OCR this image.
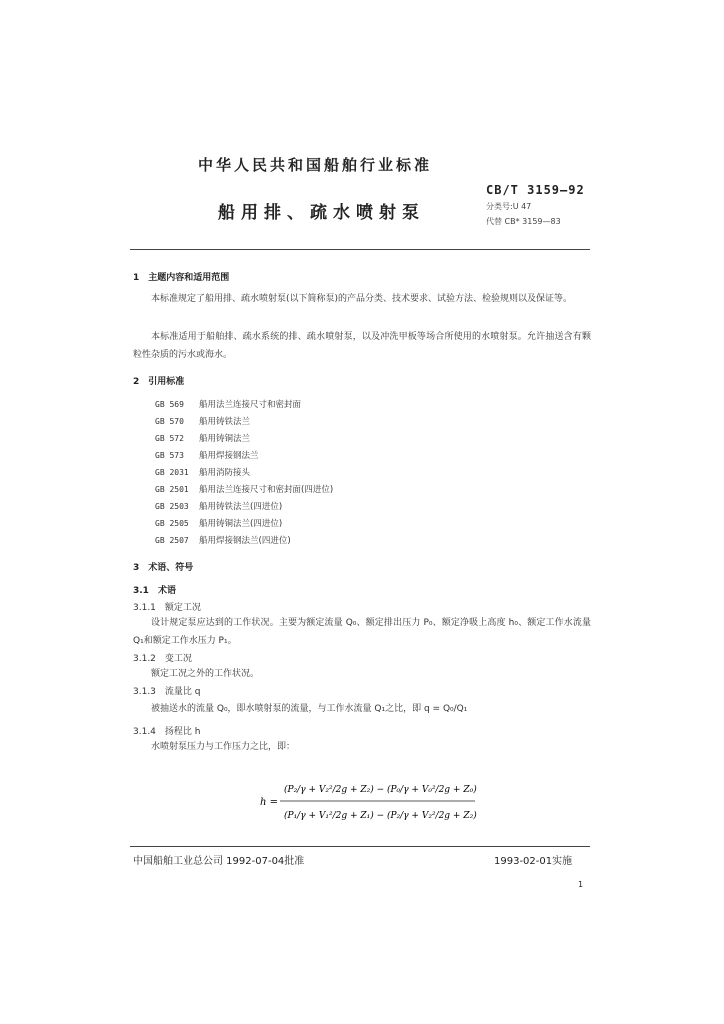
中华人民共和国船舶行业标准
船用排、疏水喷射泵
CB/T 3159—92
分类号:U 47
代替 CB* 3159—83
1　主题内容和适用范围
本标准规定了船用排、疏水喷射泵(以下简称泵)的产品分类、技术要求、试验方法、检验规则以及保证等。
本标准适用于船舶排、疏水系统的排、疏水喷射泵，以及冲洗甲板等场合所使用的水喷射泵。允许抽送含有颗粒性杂质的污水或海水。
2　引用标准
GB 569 船用法兰连接尺寸和密封面
GB 570 船用铸铁法兰
GB 572 船用铸铜法兰
GB 573 船用焊接钢法兰
GB 2031 船用消防接头
GB 2501 船用法兰连接尺寸和密封面(四进位)
GB 2503 船用铸铁法兰(四进位)
GB 2505 船用铸铜法兰(四进位)
GB 2507 船用焊接钢法兰(四进位)
3　术语、符号
3.1　术语
3.1.1　额定工况
设计规定泵应达到的工作状况。主要为额定流量 Q₀、额定排出压力 P₀、额定净吸上高度 h₀、额定工作水流量 Q₁和额定工作水压力 P₁。
3.1.2　变工况
额定工况之外的工作状况。
3.1.3　流量比 q
被抽送水的流量 Q₀，即水喷射泵的流量，与工作水流量 Q₁之比，即 q = Q₀/Q₁
3.1.4　扬程比 h
水喷射泵压力与工作压力之比，即：
h =
(P₂/γ + V₂²/2g + Z₂) − (P₀/γ + V₀²/2g + Z₀)
(P₁/γ + V₁²/2g + Z₁) − (P₂/γ + V₂²/2g + Z₂)
中国船舶工业总公司 1992-07-04批准	1993-02-01实施
1
